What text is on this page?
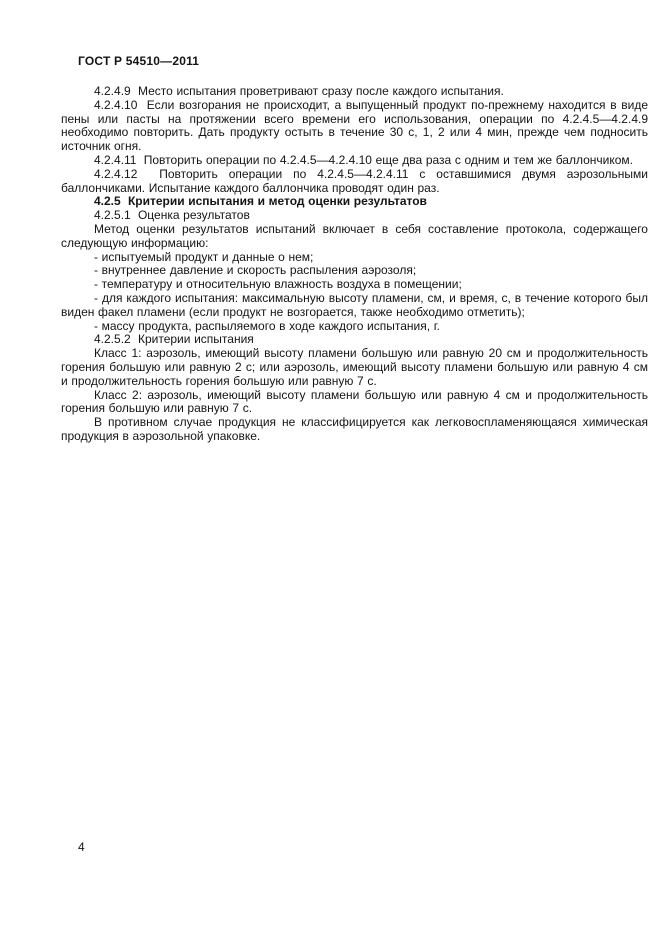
ГОСТ Р 54510—2011

4.2.4.9  Место испытания проветривают сразу после каждого испытания.

4.2.4.10  Если возгорания не происходит, а выпущенный продукт по-прежнему находится в виде пены или пасты на протяжении всего времени его использования, операции по 4.2.4.5—4.2.4.9 необходимо повторить. Дать продукту остыть в течение 30 с, 1, 2 или 4 мин, прежде чем подносить источник огня.

4.2.4.11  Повторить операции по 4.2.4.5—4.2.4.10 еще два раза с одним и тем же баллончиком.

4.2.4.12  Повторить операции по 4.2.4.5—4.2.4.11 с оставшимися двумя аэрозольными баллончиками. Испытание каждого баллончика проводят один раз.

4.2.5  Критерии испытания и метод оценки результатов

4.2.5.1  Оценка результатов

Метод оценки результатов испытаний включает в себя составление протокола, содержащего следующую информацию:

- испытуемый продукт и данные о нем;

- внутреннее давление и скорость распыления аэрозоля;

- температуру и относительную влажность воздуха в помещении;

- для каждого испытания: максимальную высоту пламени, см, и время, с, в течение которого был виден факел пламени (если продукт не возгорается, также необходимо отметить);

- массу продукта, распыляемого в ходе каждого испытания, г.

4.2.5.2  Критерии испытания

Класс 1: аэрозоль, имеющий высоту пламени большую или равную 20 см и продолжительность горения большую или равную 2 с; или аэрозоль, имеющий высоту пламени большую или равную 4 см и продолжительность горения большую или равную 7 с.

Класс 2: аэрозоль, имеющий высоту пламени большую или равную 4 см и продолжительность горения большую или равную 7 с.

В противном случае продукция не классифицируется как легковоспламеняющаяся химическая продукция в аэрозольной упаковке.

4
